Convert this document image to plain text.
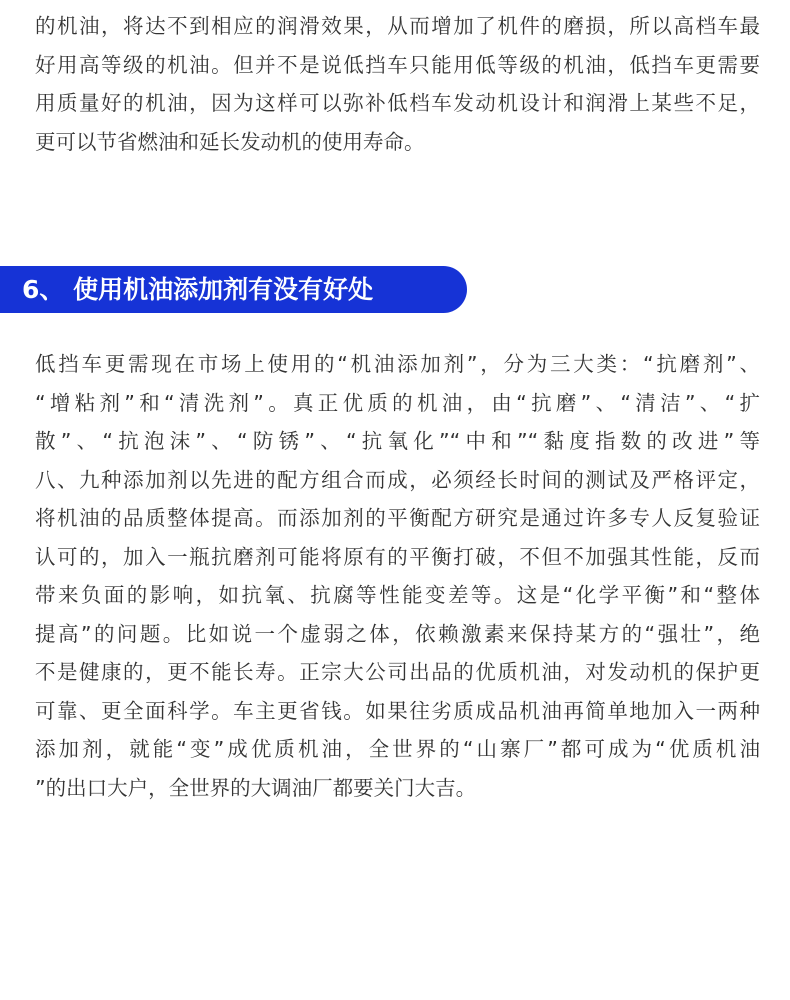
的机油，将达不到相应的润滑效果，从而增加了机件的磨损，所以高档车最
好用高等级的机油。但并不是说低挡车只能用低等级的机油，低挡车更需要
用质量好的机油，因为这样可以弥补低档车发动机设计和润滑上某些不足，
更可以节省燃油和延长发动机的使用寿命。
6、 使用机油添加剂有没有好处
低挡车更需现在市场上使用的“机油添加剂”，分为三大类：“抗磨剂”、
“增粘剂”和“清洗剂”。真正优质的机油，由“抗磨”、“清洁”、“扩
散”、“抗泡沫”、“防锈”、“抗氧化”“中和”“黏度指数的改进”等
八、九种添加剂以先进的配方组合而成，必须经长时间的测试及严格评定，
将机油的品质整体提高。而添加剂的平衡配方研究是通过许多专人反复验证
认可的，加入一瓶抗磨剂可能将原有的平衡打破，不但不加强其性能，反而
带来负面的影响，如抗氧、抗腐等性能变差等。这是“化学平衡”和“整体
提高”的问题。比如说一个虚弱之体，依赖激素来保持某方的“强壮”，绝
不是健康的，更不能长寿。正宗大公司出品的优质机油，对发动机的保护更
可靠、更全面科学。车主更省钱。如果往劣质成品机油再简单地加入一两种
添加剂，就能“变”成优质机油，全世界的“山寨厂”都可成为“优质机油
”的出口大户，全世界的大调油厂都要关门大吉。
